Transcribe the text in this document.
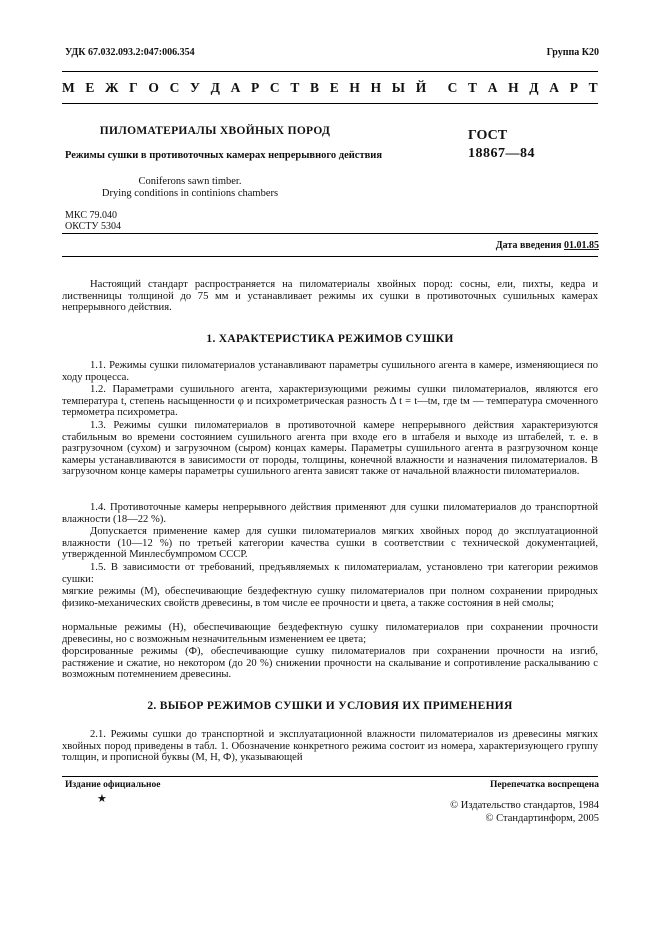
УДК 67.032.093.2:047:006.354	Группа К20
М Е Ж Г О С У Д А Р С Т В Е Н Н Ы Й С Т А Н Д А Р Т
ПИЛОМАТЕРИАЛЫ ХВОЙНЫХ ПОРОД
Режимы сушки в противоточных камерах непрерывного действия
Coniferons sawn timber.
Drying conditions in continions chambers
ГОСТ
18867—84
МКС 79.040
ОКСТУ 5304
Дата введения 01.01.85
Настоящий стандарт распространяется на пиломатериалы хвойных пород: сосны, ели, пихты, кедра и лиственницы толщиной до 75 мм и устанавливает режимы их сушки в противоточных сушильных камерах непрерывного действия.
1. ХАРАКТЕРИСТИКА РЕЖИМОВ СУШКИ
1.1. Режимы сушки пиломатериалов устанавливают параметры сушильного агента в камере, изменяющиеся по ходу процесса.
1.2. Параметрами сушильного агента, характеризующими режимы сушки пиломатериалов, являются его температура t, степень насыщенности φ и психрометрическая разность Δ t = t—tм, где tм — температура смоченного термометра психрометра.
1.3. Режимы сушки пиломатериалов в противоточной камере непрерывного действия характеризуются стабильным во времени состоянием сушильного агента при входе его в штабеля и выходе из штабелей, т. е. в разгрузочном (сухом) и загрузочном (сыром) концах камеры. Параметры сушильного агента в разгрузочном конце камеры устанавливаются в зависимости от породы, толщины, конечной влажности и назначения пиломатериалов. В загрузочном конце камеры параметры сушильного агента зависят также от начальной влажности пиломатериалов.
1.4. Противоточные камеры непрерывного действия применяют для сушки пиломатериалов до транспортной влажности (18—22 %).
Допускается применение камер для сушки пиломатериалов мягких хвойных пород до эксплуатационной влажности (10—12 %) по третьей категории качества сушки в соответствии с технической документацией, утвержденной Минлесбумпромом СССР.
1.5. В зависимости от требований, предъявляемых к пиломатериалам, установлено три категории режимов сушки:
мягкие режимы (М), обеспечивающие бездефектную сушку пиломатериалов при полном сохранении природных физико-механических свойств древесины, в том числе ее прочности и цвета, а также состояния в ней смолы;
нормальные режимы (Н), обеспечивающие бездефектную сушку пиломатериалов при сохранении прочности древесины, но с возможным незначительным изменением ее цвета;
форсированные режимы (Ф), обеспечивающие сушку пиломатериалов при сохранении прочности на изгиб, растяжение и сжатие, но некотором (до 20 %) снижении прочности на скалывание и сопротивление раскалыванию с возможным потемнением древесины.
2. ВЫБОР РЕЖИМОВ СУШКИ И УСЛОВИЯ ИХ ПРИМЕНЕНИЯ
2.1. Режимы сушки до транспортной и эксплуатационной влажности пиломатериалов из древесины мягких хвойных пород приведены в табл. 1. Обозначение конкретного режима состоит из номера, характеризующего группу толщин, и прописной буквы (М, Н, Ф), указывающей
Издание официальное	Перепечатка воспрещена
★
© Издательство стандартов, 1984
© Стандартинформ, 2005
